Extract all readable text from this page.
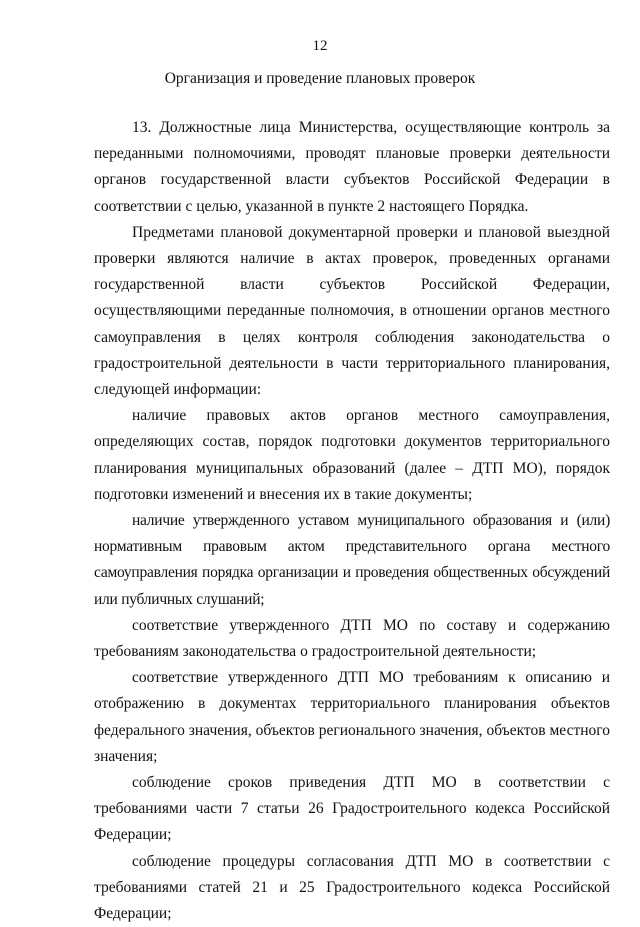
12
Организация и проведение плановых проверок

13. Должностные лица Министерства, осуществляющие контроль за переданными полномочиями, проводят плановые проверки деятельности органов государственной власти субъектов Российской Федерации в соответствии с целью, указанной в пункте 2 настоящего Порядка.

Предметами плановой документарной проверки и плановой выездной проверки являются наличие в актах проверок, проведенных органами государственной власти субъектов Российской Федерации, осуществляющими переданные полномочия, в отношении органов местного самоуправления в целях контроля соблюдения законодательства о градостроительной деятельности в части территориального планирования, следующей информации:

наличие правовых актов органов местного самоуправления, определяющих состав, порядок подготовки документов территориального планирования муниципальных образований (далее – ДТП МО), порядок подготовки изменений и внесения их в такие документы;

наличие утвержденного уставом муниципального образования и (или) нормативным правовым актом представительного органа местного самоуправления порядка организации и проведения общественных обсуждений или публичных слушаний;

соответствие утвержденного ДТП МО по составу и содержанию требованиям законодательства о градостроительной деятельности;

соответствие утвержденного ДТП МО требованиям к описанию и отображению в документах территориального планирования объектов федерального значения, объектов регионального значения, объектов местного значения;

соблюдение сроков приведения ДТП МО в соответствии с требованиями части 7 статьи 26 Градостроительного кодекса Российской Федерации;

соблюдение процедуры согласования ДТП МО в соответствии с требованиями статей 21 и 25 Градостроительного кодекса Российской Федерации;
